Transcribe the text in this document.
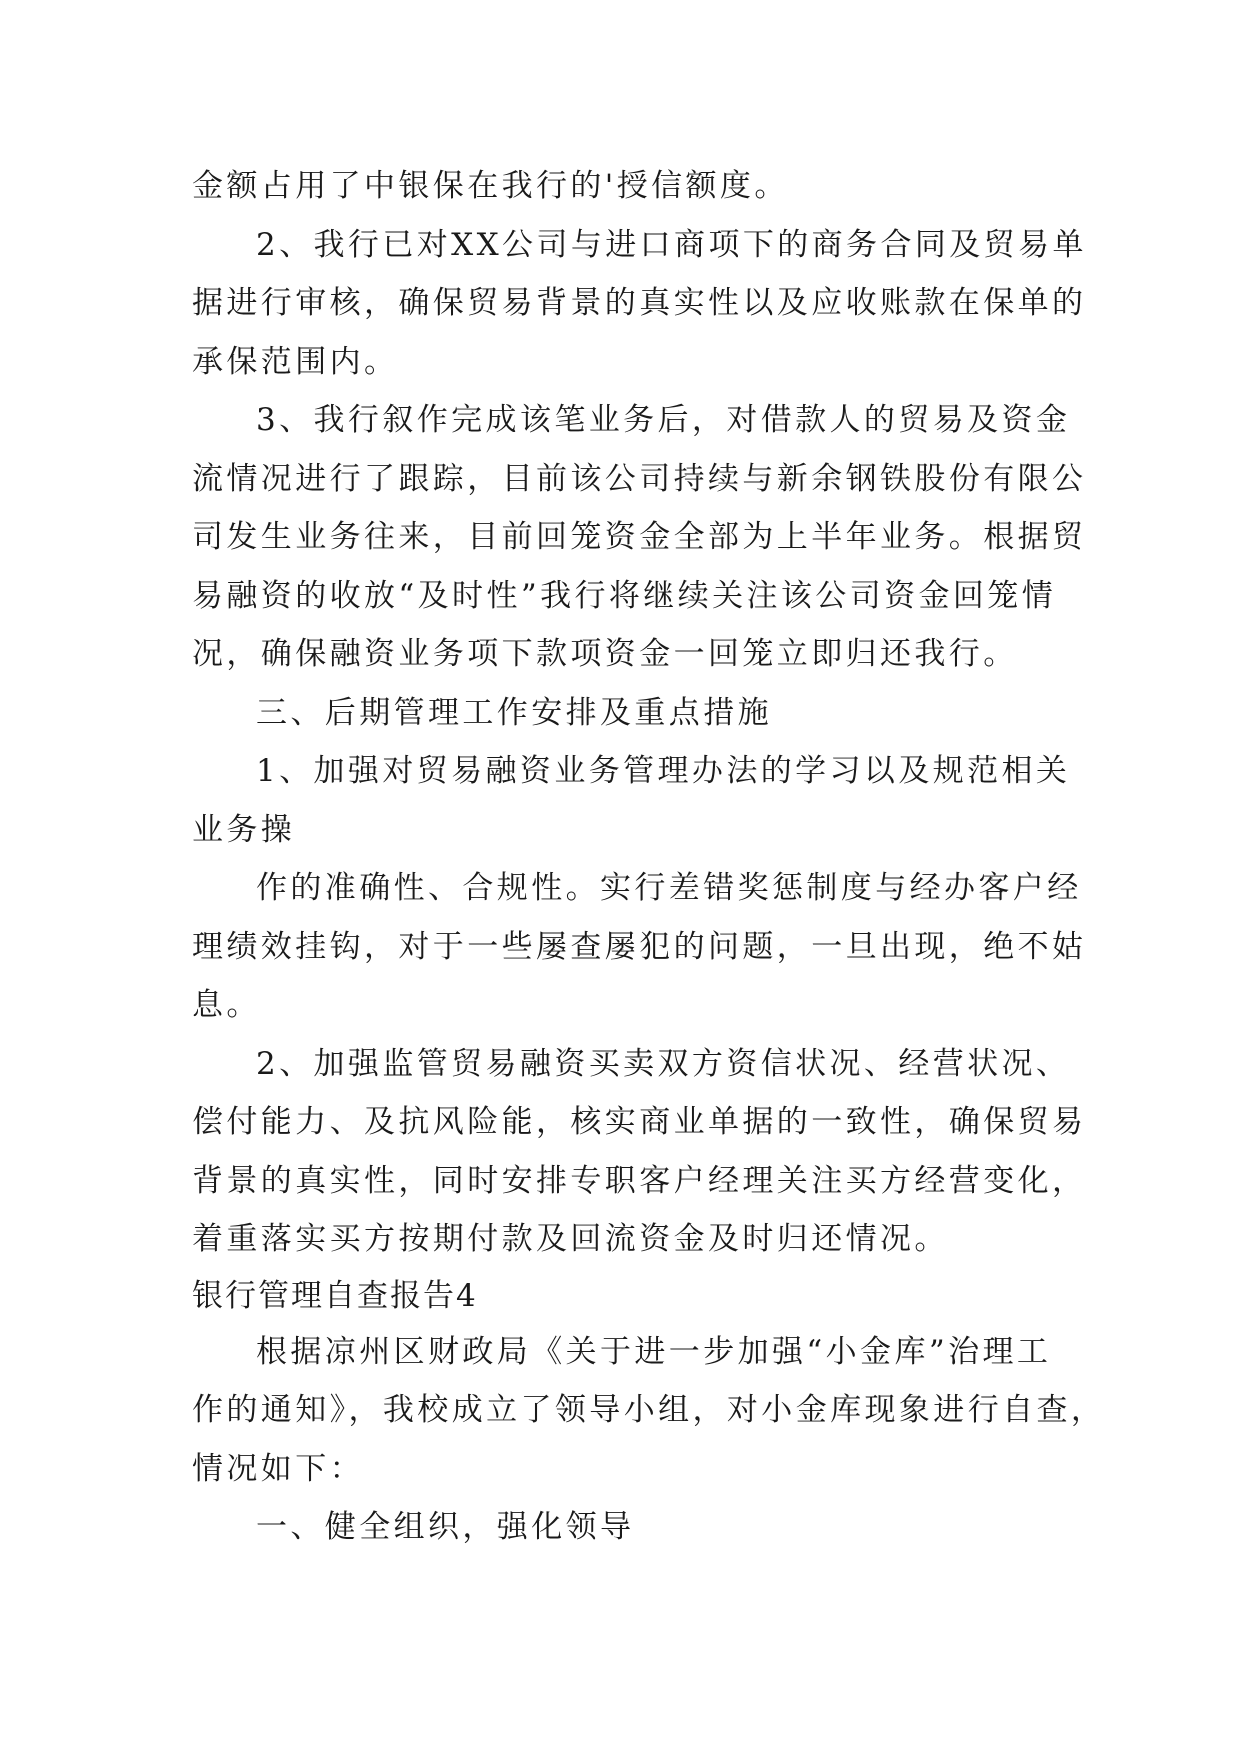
金额占用了中银保在我行的'授信额度。
2、我行已对XX公司与进口商项下的商务合同及贸易单
据进行审核，确保贸易背景的真实性以及应收账款在保单的
承保范围内。
3、我行叙作完成该笔业务后，对借款人的贸易及资金
流情况进行了跟踪，目前该公司持续与新余钢铁股份有限公
司发生业务往来，目前回笼资金全部为上半年业务。根据贸
易融资的收放“及时性”我行将继续关注该公司资金回笼情
况，确保融资业务项下款项资金一回笼立即归还我行。
三、后期管理工作安排及重点措施
1、加强对贸易融资业务管理办法的学习以及规范相关
业务操
作的准确性、合规性。实行差错奖惩制度与经办客户经
理绩效挂钩，对于一些屡查屡犯的问题，一旦出现，绝不姑
息。
2、加强监管贸易融资买卖双方资信状况、经营状况、
偿付能力、及抗风险能，核实商业单据的一致性，确保贸易
背景的真实性，同时安排专职客户经理关注买方经营变化，
着重落实买方按期付款及回流资金及时归还情况。
银行管理自查报告4
根据凉州区财政局《关于进一步加强“小金库”治理工
作的通知》，我校成立了领导小组，对小金库现象进行自查，
情况如下：
一、健全组织，强化领导
